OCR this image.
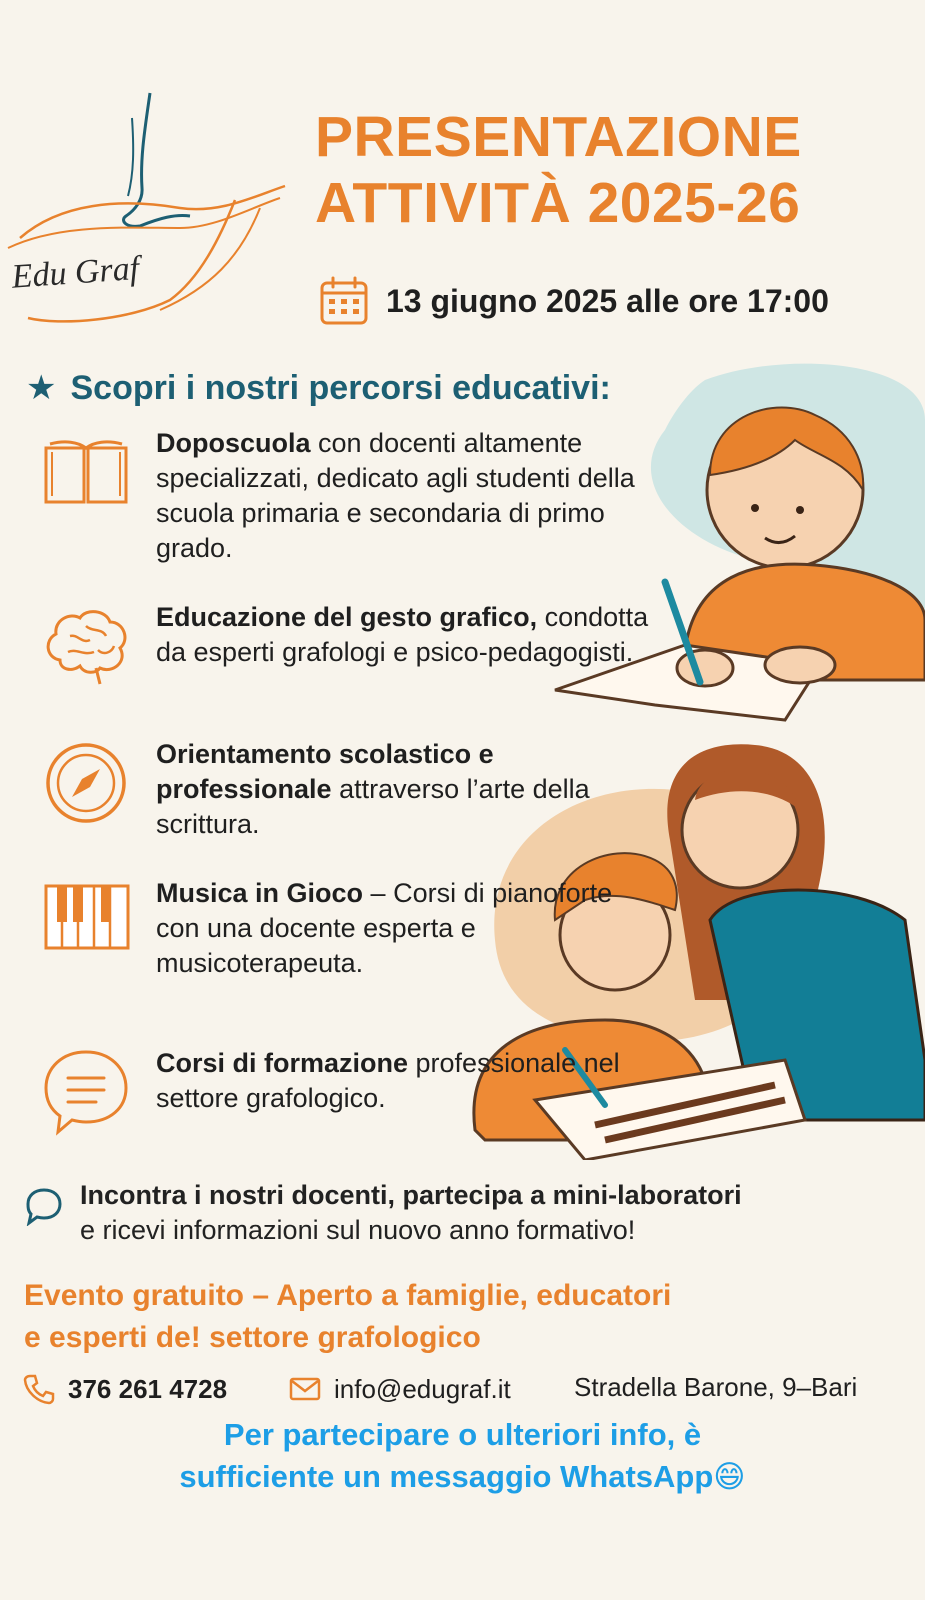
Edu Graf
PRESENTAZIONE
ATTIVITÀ 2025-26
13 giugno 2025 alle ore 17:00
★ Scopri i nostri percorsi educativi:
Doposcuola con docenti altamente specializzati, dedicato agli studenti della scuola primaria e secondaria di primo grado.
Educazione del gesto grafico, condotta da esperti grafologi e psico-pedagogisti.
Orientamento scolastico e professionale attraverso l’arte della scrittura.
Musica in Gioco – Corsi di pianoforte con una docente esperta e musicoterapeuta.
Corsi di formazione professionale nel settore grafologico.
Incontra i nostri docenti, partecipa a mini-laboratori
e ricevi informazioni sul nuovo anno formativo!
Evento gratuito – Aperto a famiglie, educatori
e esperti de! settore grafologico
376 261 4728	info@edugraf.it Stradella Barone, 9–Bari
Per partecipare o ulteriori info, è
sufficiente un messaggio WhatsApp😄
